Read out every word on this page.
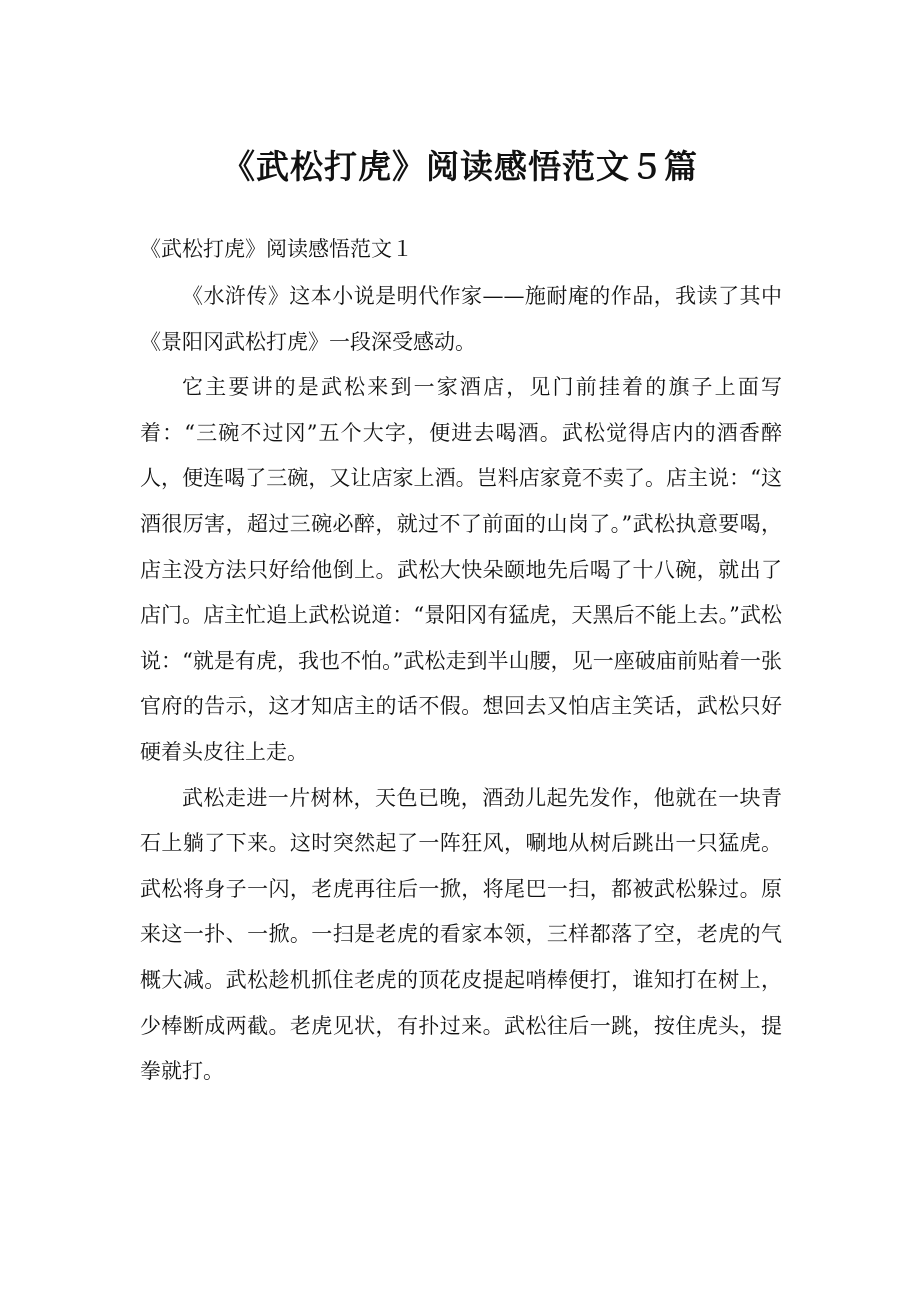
《武松打虎》阅读感悟范文５篇

《武松打虎》阅读感悟范文１

《水浒传》这本小说是明代作家——施耐庵的作品，我读了其中《景阳冈武松打虎》一段深受感动。

它主要讲的是武松来到一家酒店，见门前挂着的旗子上面写着：“三碗不过冈”五个大字，便进去喝酒。武松觉得店内的酒香醉人，便连喝了三碗，又让店家上酒。岂料店家竟不卖了。店主说：“这酒很厉害，超过三碗必醉，就过不了前面的山岗了。”武松执意要喝，店主没方法只好给他倒上。武松大快朵颐地先后喝了十八碗，就出了店门。店主忙追上武松说道：“景阳冈有猛虎，天黑后不能上去。”武松说：“就是有虎，我也不怕。”武松走到半山腰，见一座破庙前贴着一张官府的告示，这才知店主的话不假。想回去又怕店主笑话，武松只好硬着头皮往上走。

武松走进一片树林，天色已晚，酒劲儿起先发作，他就在一块青石上躺了下来。这时突然起了一阵狂风，唰地从树后跳出一只猛虎。武松将身子一闪，老虎再往后一掀，将尾巴一扫，都被武松躲过。原来这一扑、一掀。一扫是老虎的看家本领，三样都落了空，老虎的气概大减。武松趁机抓住老虎的顶花皮提起哨棒便打，谁知打在树上，少棒断成两截。老虎见状，有扑过来。武松往后一跳，按住虎头，提拳就打。
